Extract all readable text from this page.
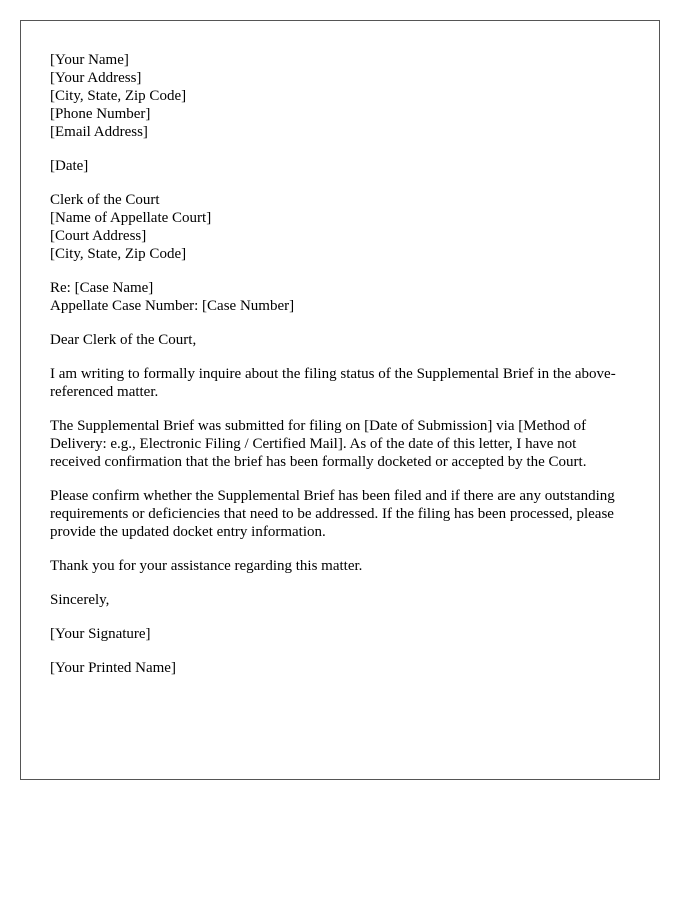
[Your Name]
[Your Address]
[City, State, Zip Code]
[Phone Number]
[Email Address]
[Date]
Clerk of the Court
[Name of Appellate Court]
[Court Address]
[City, State, Zip Code]
Re: [Case Name]
Appellate Case Number: [Case Number]

Dear Clerk of the Court,

I am writing to formally inquire about the filing status of the Supplemental Brief in the above-referenced matter.

The Supplemental Brief was submitted for filing on [Date of Submission] via [Method of Delivery: e.g., Electronic Filing / Certified Mail]. As of the date of this letter, I have not received confirmation that the brief has been formally docketed or accepted by the Court.

Please confirm whether the Supplemental Brief has been filed and if there are any outstanding requirements or deficiencies that need to be addressed. If the filing has been processed, please provide the updated docket entry information.

Thank you for your assistance regarding this matter.

Sincerely,

[Your Signature]

[Your Printed Name]
